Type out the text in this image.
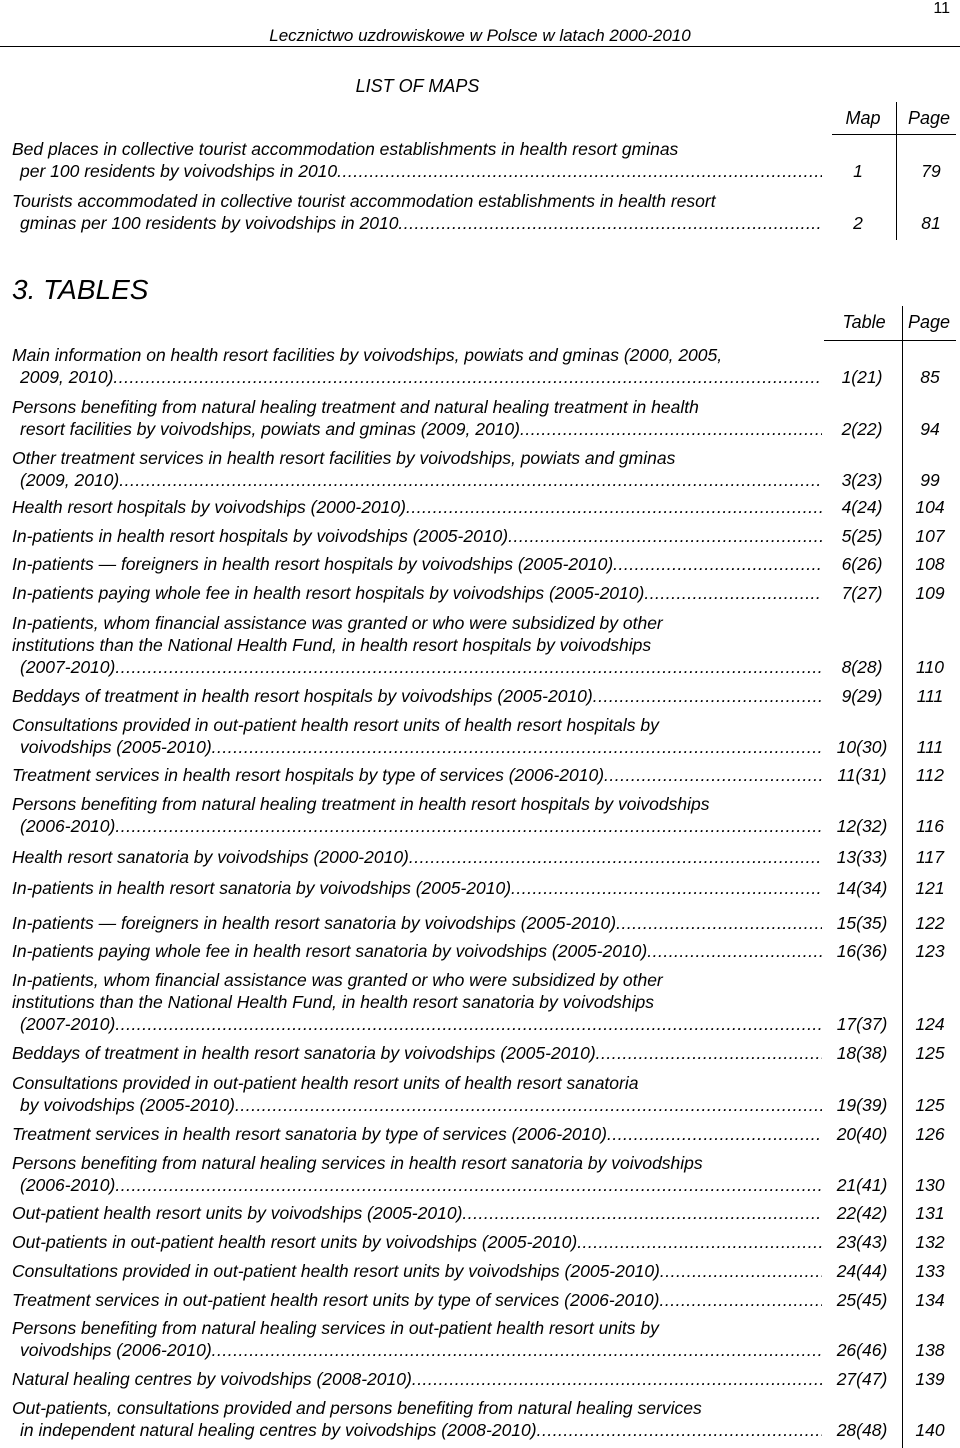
11
Lecznictwo uzdrowiskowe w Polsce w latach 2000-2010
LIST OF MAPS
Map	Page
Bed places in collective tourist accommodation establishments in health resort gminas
per 100 residents by voivodships in 2010 .....	1	79
Tourists accommodated in collective tourist accommodation establishments in health resort
gminas per 100 residents by voivodships in 2010 .....	2	81
3. TABLES
Table	Page
Main information on health resort facilities by voivodships, powiats and gminas (2000, 2005,
2009, 2010) .....	1(21)	85
Persons benefiting from natural healing treatment and natural healing treatment in health
resort facilities by voivodships, powiats and gminas (2009, 2010) .....	2(22)	94
Other treatment services in health resort facilities by voivodships, powiats and gminas
(2009, 2010) .....	3(23)	99
Health resort hospitals by voivodships (2000-2010) .....	4(24)	104
In-patients in health resort hospitals by voivodships (2005-2010) .....	5(25)	107
In-patients — foreigners in health resort hospitals by voivodships (2005-2010) .....	6(26)	108
In-patients paying whole fee in health resort hospitals by voivodships (2005-2010) .....	7(27)	109
In-patients, whom financial assistance was granted or who were subsidized by other
institutions than the National Health Fund, in health resort hospitals by voivodships
(2007-2010) .....	8(28)	110
Beddays of treatment in health resort hospitals by voivodships (2005-2010) .....	9(29)	111
Consultations provided in out-patient health resort units of health resort hospitals by
voivodships (2005-2010) .....	10(30)	111
Treatment services in health resort hospitals by type of services (2006-2010) .....	11(31)	112
Persons benefiting from natural healing treatment in health resort hospitals by voivodships
(2006-2010) .....	12(32)	116
Health resort sanatoria by voivodships (2000-2010) .....	13(33)	117
In-patients in health resort sanatoria by voivodships (2005-2010) .....	14(34)	121
In-patients — foreigners in health resort sanatoria by voivodships (2005-2010) .....	15(35)	122
In-patients paying whole fee in health resort sanatoria by voivodships (2005-2010) .....	16(36)	123
In-patients, whom financial assistance was granted or who were subsidized by other
institutions than the National Health Fund, in health resort sanatoria by voivodships
(2007-2010) .....	17(37)	124
Beddays of treatment in health resort sanatoria by voivodships (2005-2010) .....	18(38)	125
Consultations provided in out-patient health resort units of health resort sanatoria
by voivodships (2005-2010) .....	19(39)	125
Treatment services in health resort sanatoria by type of services (2006-2010) .....	20(40)	126
Persons benefiting from natural healing services in health resort sanatoria by voivodships
(2006-2010) .....	21(41)	130
Out-patient health resort units by voivodships (2005-2010) .....	22(42)	131
Out-patients in out-patient health resort units by voivodships (2005-2010) .....	23(43)	132
Consultations provided in out-patient health resort units by voivodships (2005-2010) .....	24(44)	133
Treatment services in out-patient health resort units by type of services (2006-2010) .....	25(45)	134
Persons benefiting from natural healing services in out-patient health resort units by
voivodships (2006-2010) .....	26(46)	138
Natural healing centres by voivodships (2008-2010) .....	27(47)	139
Out-patients, consultations provided and persons benefiting from natural healing services
in independent natural healing centres by voivodships (2008-2010) .....	28(48)	140
